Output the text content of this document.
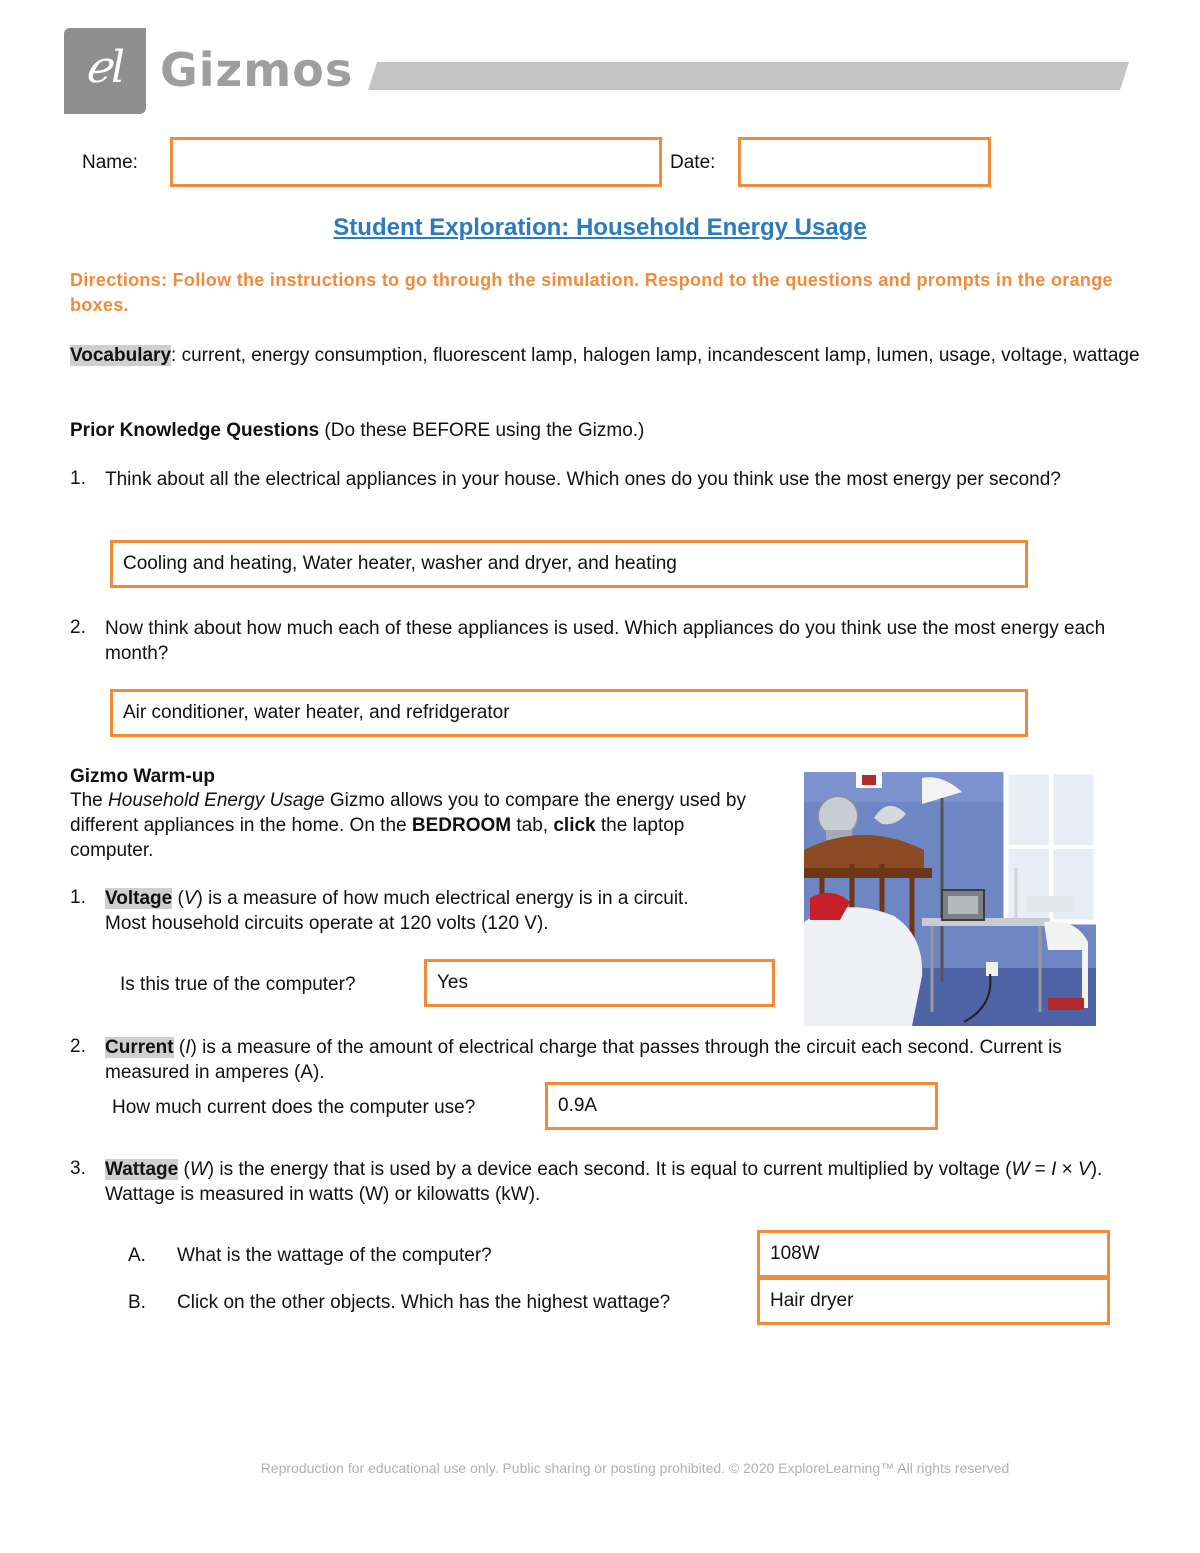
ℯl Gizmos
Name:	Date:
Student Exploration: Household Energy Usage
Directions: Follow the instructions to go through the simulation. Respond to the questions and prompts in the orange boxes.
Vocabulary: current, energy consumption, fluorescent lamp, halogen lamp, incandescent lamp, lumen, usage, voltage, wattage
Prior Knowledge Questions (Do these BEFORE using the Gizmo.)
1. Think about all the electrical appliances in your house. Which ones do you think use the most energy per second?
Cooling and heating, Water heater, washer and dryer, and heating
2. Now think about how much each of these appliances is used. Which appliances do you think use the most energy each month?
Air conditioner, water heater, and refridgerator
Gizmo Warm-up
The Household Energy Usage Gizmo allows you to compare the energy used by different appliances in the home. On the BEDROOM tab, click the laptop computer.
1. Voltage (V) is a measure of how much electrical energy is in a circuit. Most household circuits operate at 120 volts (120 V).
Is this true of the computer?	Yes
2. Current (I) is a measure of the amount of electrical charge that passes through the circuit each second. Current is measured in amperes (A).
How much current does the computer use?	0.9A
3. Wattage (W) is the energy that is used by a device each second. It is equal to current multiplied by voltage (W = I × V). Wattage is measured in watts (W) or kilowatts (kW).
A. What is the wattage of the computer?	108W
B. Click on the other objects. Which has the highest wattage?	Hair dryer
Reproduction for educational use only. Public sharing or posting prohibited. © 2020 ExploreLearning™ All rights reserved
